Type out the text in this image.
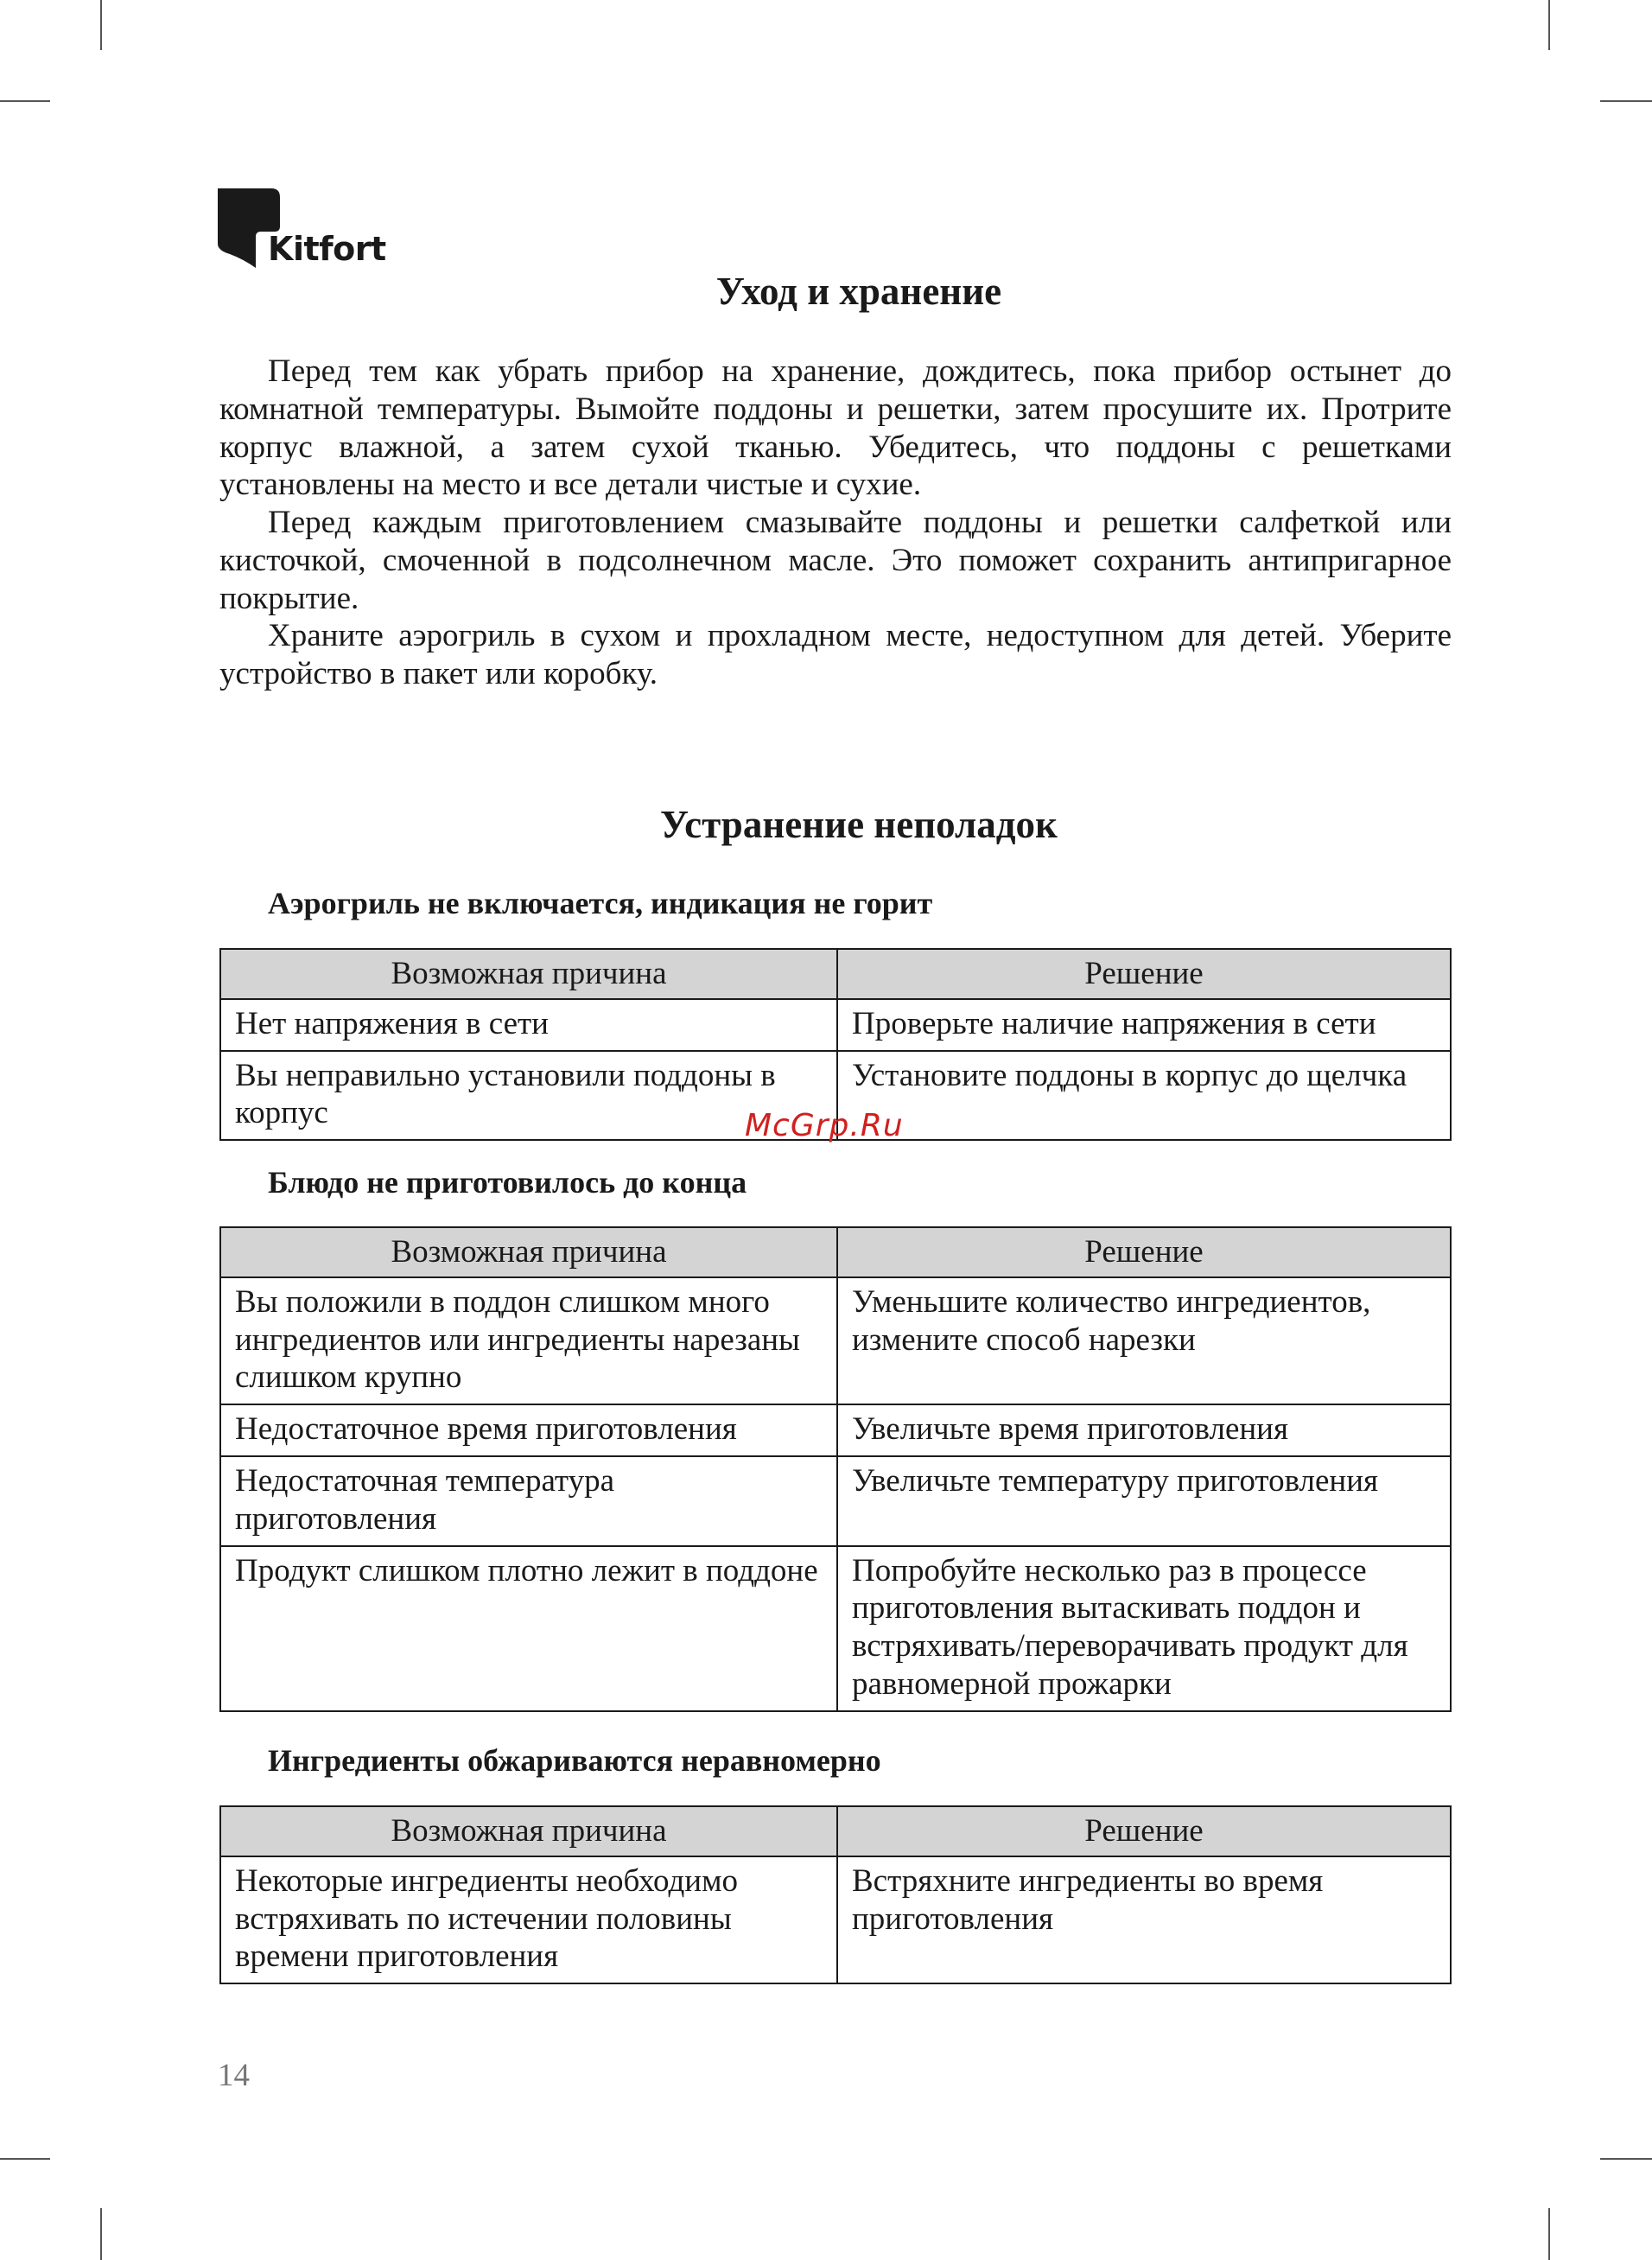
Kitfort
Уход и хранение

Перед тем как убрать прибор на хранение, дождитесь, пока прибор остынет до комнатной температуры. Вымойте поддоны и решетки, затем просушите их. Протрите корпус влажной, а затем сухой тканью. Убедитесь, что поддоны с решетками установлены на место и все детали чистые и сухие.

Перед каждым приготовлением смазывайте поддоны и решетки салфеткой или кисточкой, смоченной в подсолнечном масле. Это поможет сохранить антипригарное покрытие.

Храните аэрогриль в сухом и прохладном месте, недоступном для детей. Уберите устройство в пакет или коробку.

Устранение неполадок
Аэрогриль не включается, индикация не горит
Возможная причина	Решение
Нет напряжения в сети	Проверьте наличие напряжения в сети
Вы неправильно установили поддоны в корпус	Установите поддоны в корпус до щелчка
Блюдо не приготовилось до конца
Возможная причина	Решение
Вы положили в поддон слишком много ингредиентов или ингредиенты нарезаны слишком крупно	Уменьшите количество ингредиентов, измените способ нарезки
Недостаточное время приготовления	Увеличьте время приготовления
Недостаточная температура приготовления	Увеличьте температуру приготовления
Продукт слишком плотно лежит в поддоне	Попробуйте несколько раз в процессе приготовления вытаскивать поддон и встряхивать/переворачивать продукт для равномерной прожарки
Ингредиенты обжариваются неравномерно
Возможная причина	Решение
Некоторые ингредиенты необходимо встряхивать по истечении половины времени приготовления	Встряхните ингредиенты во время приготовления
McGrp.Ru
14
